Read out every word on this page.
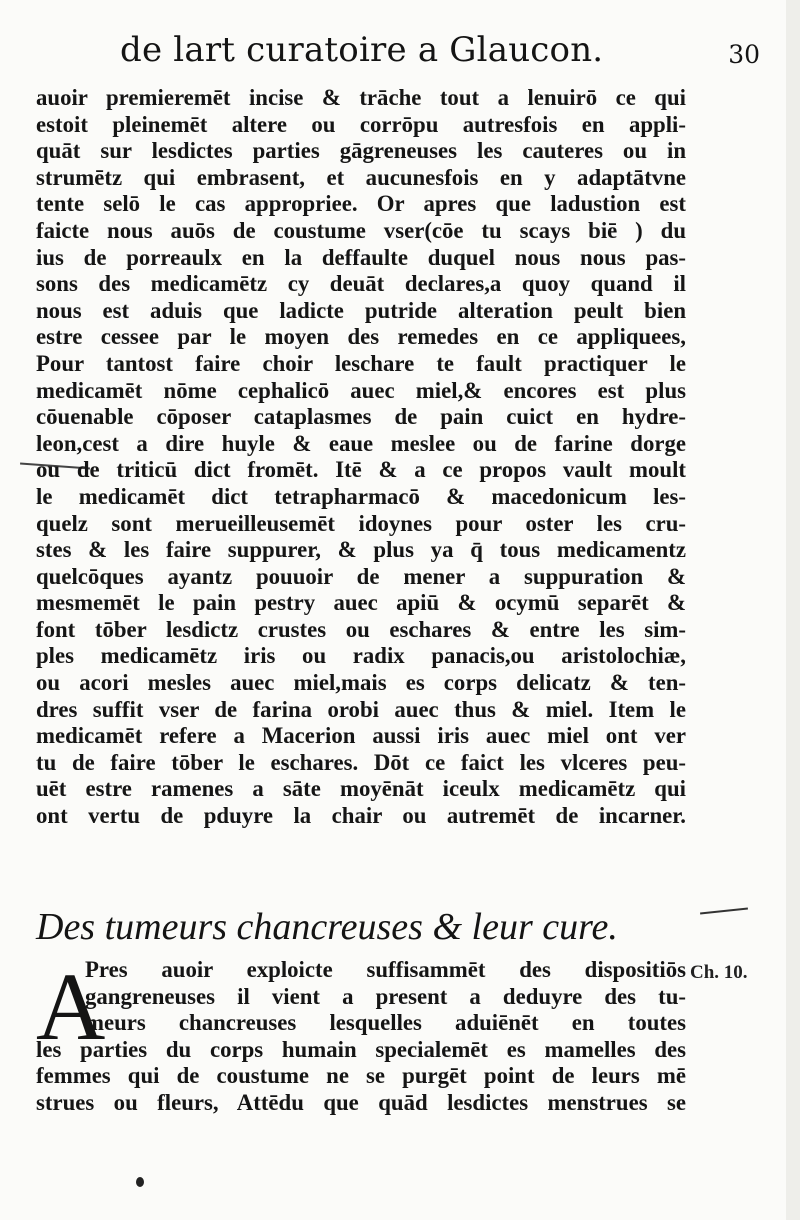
de lart curatoire a Glaucon.	30
auoir premieremēt incise & trāche tout a lenuirō ce qui
estoit pleinemēt altere ou corrōpu autresfois en appli-
quāt sur lesdictes parties gāgreneuses les cauteres ou in
strumētz qui embrasent, et aucunesfois en y adaptātvne
tente selō le cas appropriee. Or apres que ladustion est
faicte nous auōs de coustume vser(cōe tu scays biē ) du
ius de porreaulx en la deffaulte duquel nous nous pas-
sons des medicamētz cy deuāt declares,a quoy quand il
nous est aduis que ladicte putride alteration peult bien
estre cessee par le moyen des remedes en ce appliquees,
Pour tantost faire choir leschare te fault practiquer le
medicamēt nōme cephalicō auec miel,& encores est plus
cōuenable cōposer cataplasmes de pain cuict en hydre-
leon,cest a dire huyle & eaue meslee ou de farine dorge
ou de triticū dict fromēt. Itē & a ce propos vault moult
le medicamēt dict tetrapharmacō & macedonicum les-
quelz sont merueilleusemēt idoynes pour oster les cru-
stes & les faire suppurer, & plus ya q̄ tous medicamentz
quelcōques ayantz pouuoir de mener a suppuration &
mesmemēt le pain pestry auec apiū & ocymū separēt &
font tōber lesdictz crustes ou eschares & entre les sim-
ples medicamētz iris ou radix panacis,ou aristolochiæ,
ou acori mesles auec miel,mais es corps delicatz & ten-
dres suffit vser de farina orobi auec thus & miel. Item le
medicamēt refere a Macerion aussi iris auec miel ont ver
tu de faire tōber le eschares. Dōt ce faict les vlceres peu-
uēt estre ramenes a sāte moyēnāt iceulx medicamētz qui
ont vertu de pduyre la chair ou autremēt de incarner.
Des tumeurs chancreuses & leur cure.
A
Pres auoir exploicte suffisammēt des dispositiōs
gangreneuses il vient a present a deduyre des tu-
meurs chancreuses lesquelles aduiēnēt en toutes
les parties du corps humain specialemēt es mamelles des
femmes qui de coustume ne se purgēt point de leurs mē
strues ou fleurs, Attēdu que quād lesdictes menstrues se
Ch. 10.
